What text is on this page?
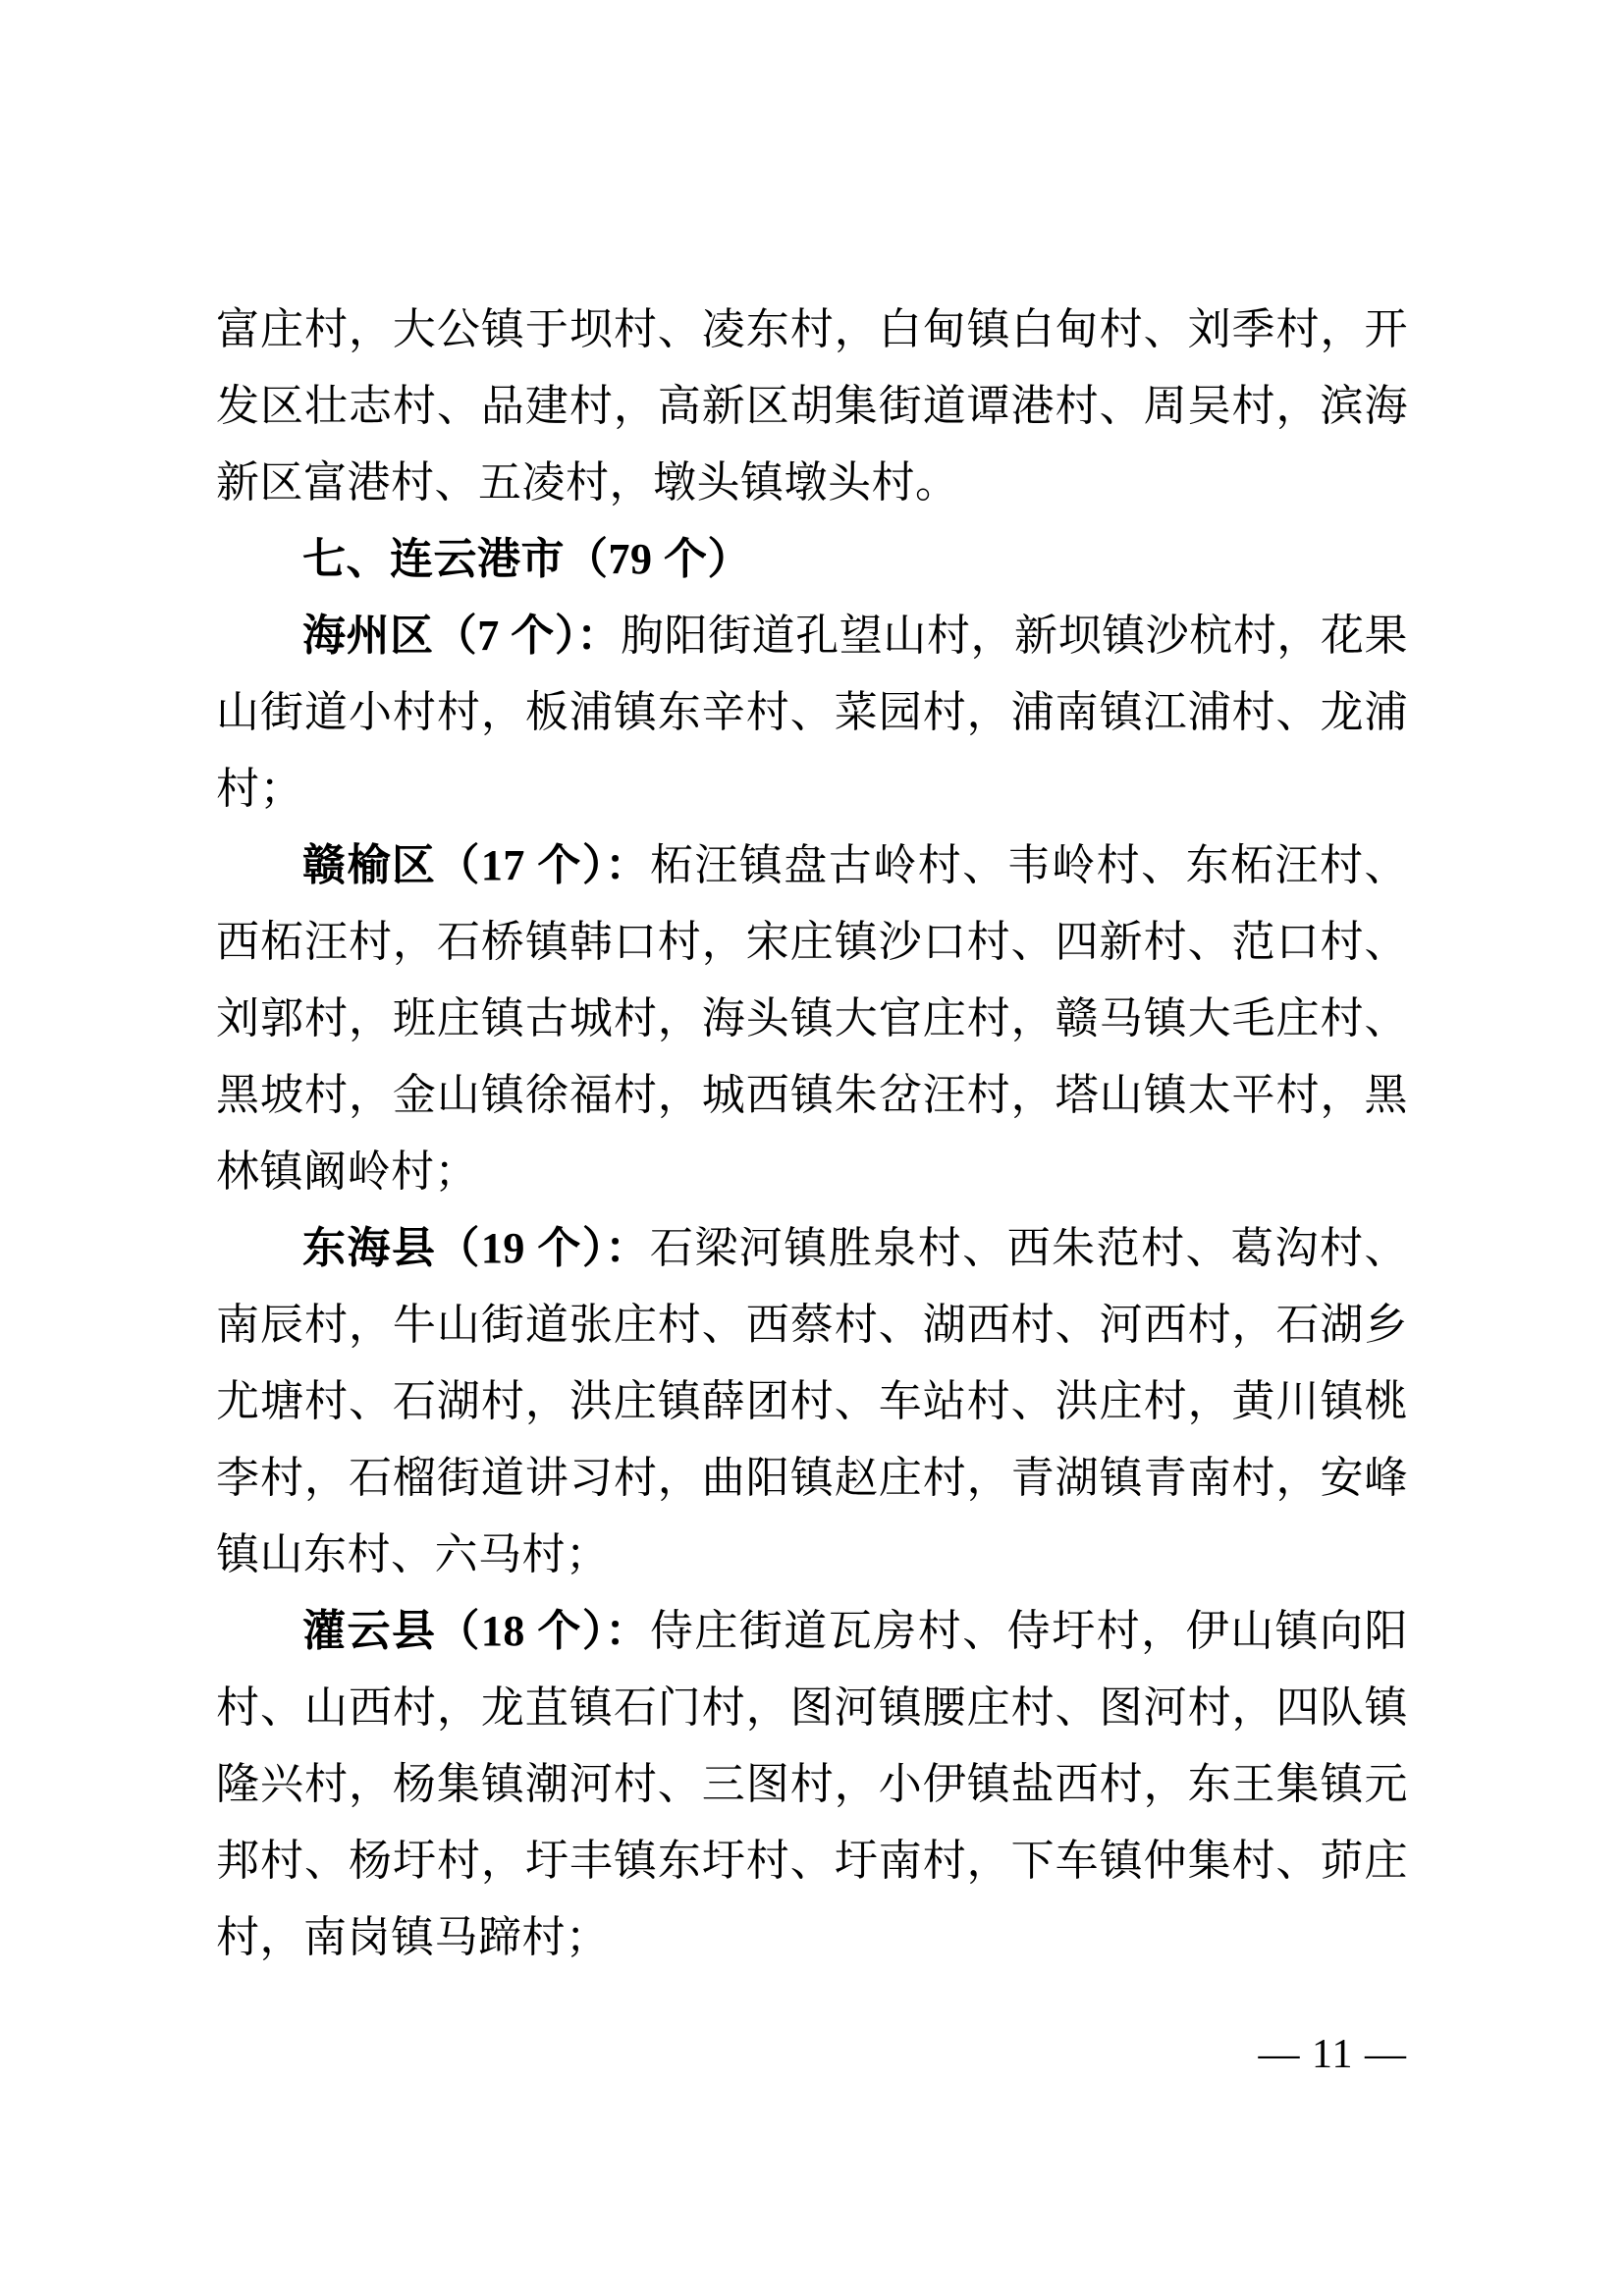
富庄村，大公镇于坝村、凌东村，白甸镇白甸村、刘季村，开发区壮志村、品建村，高新区胡集街道谭港村、周吴村，滨海新区富港村、五凌村，墩头镇墩头村。

七、连云港市（79 个）

海州区（7 个）：朐阳街道孔望山村，新坝镇沙杭村，花果山街道小村村，板浦镇东辛村、菜园村，浦南镇江浦村、龙浦村；

赣榆区（17 个）：柘汪镇盘古岭村、韦岭村、东柘汪村、西柘汪村，石桥镇韩口村，宋庄镇沙口村、四新村、范口村、刘郭村，班庄镇古城村，海头镇大官庄村，赣马镇大毛庄村、黑坡村，金山镇徐福村，城西镇朱岔汪村，塔山镇太平村，黑林镇阚岭村；

东海县（19 个）：石梁河镇胜泉村、西朱范村、葛沟村、南辰村，牛山街道张庄村、西蔡村、湖西村、河西村，石湖乡尤塘村、石湖村，洪庄镇薛团村、车站村、洪庄村，黄川镇桃李村，石榴街道讲习村，曲阳镇赵庄村，青湖镇青南村，安峰镇山东村、六马村；

灌云县（18 个）：侍庄街道瓦房村、侍圩村，伊山镇向阳村、山西村，龙苴镇石门村，图河镇腰庄村、图河村，四队镇隆兴村，杨集镇潮河村、三图村，小伊镇盐西村，东王集镇元邦村、杨圩村，圩丰镇东圩村、圩南村，下车镇仲集村、茆庄村，南岗镇马蹄村；

— 11 —
